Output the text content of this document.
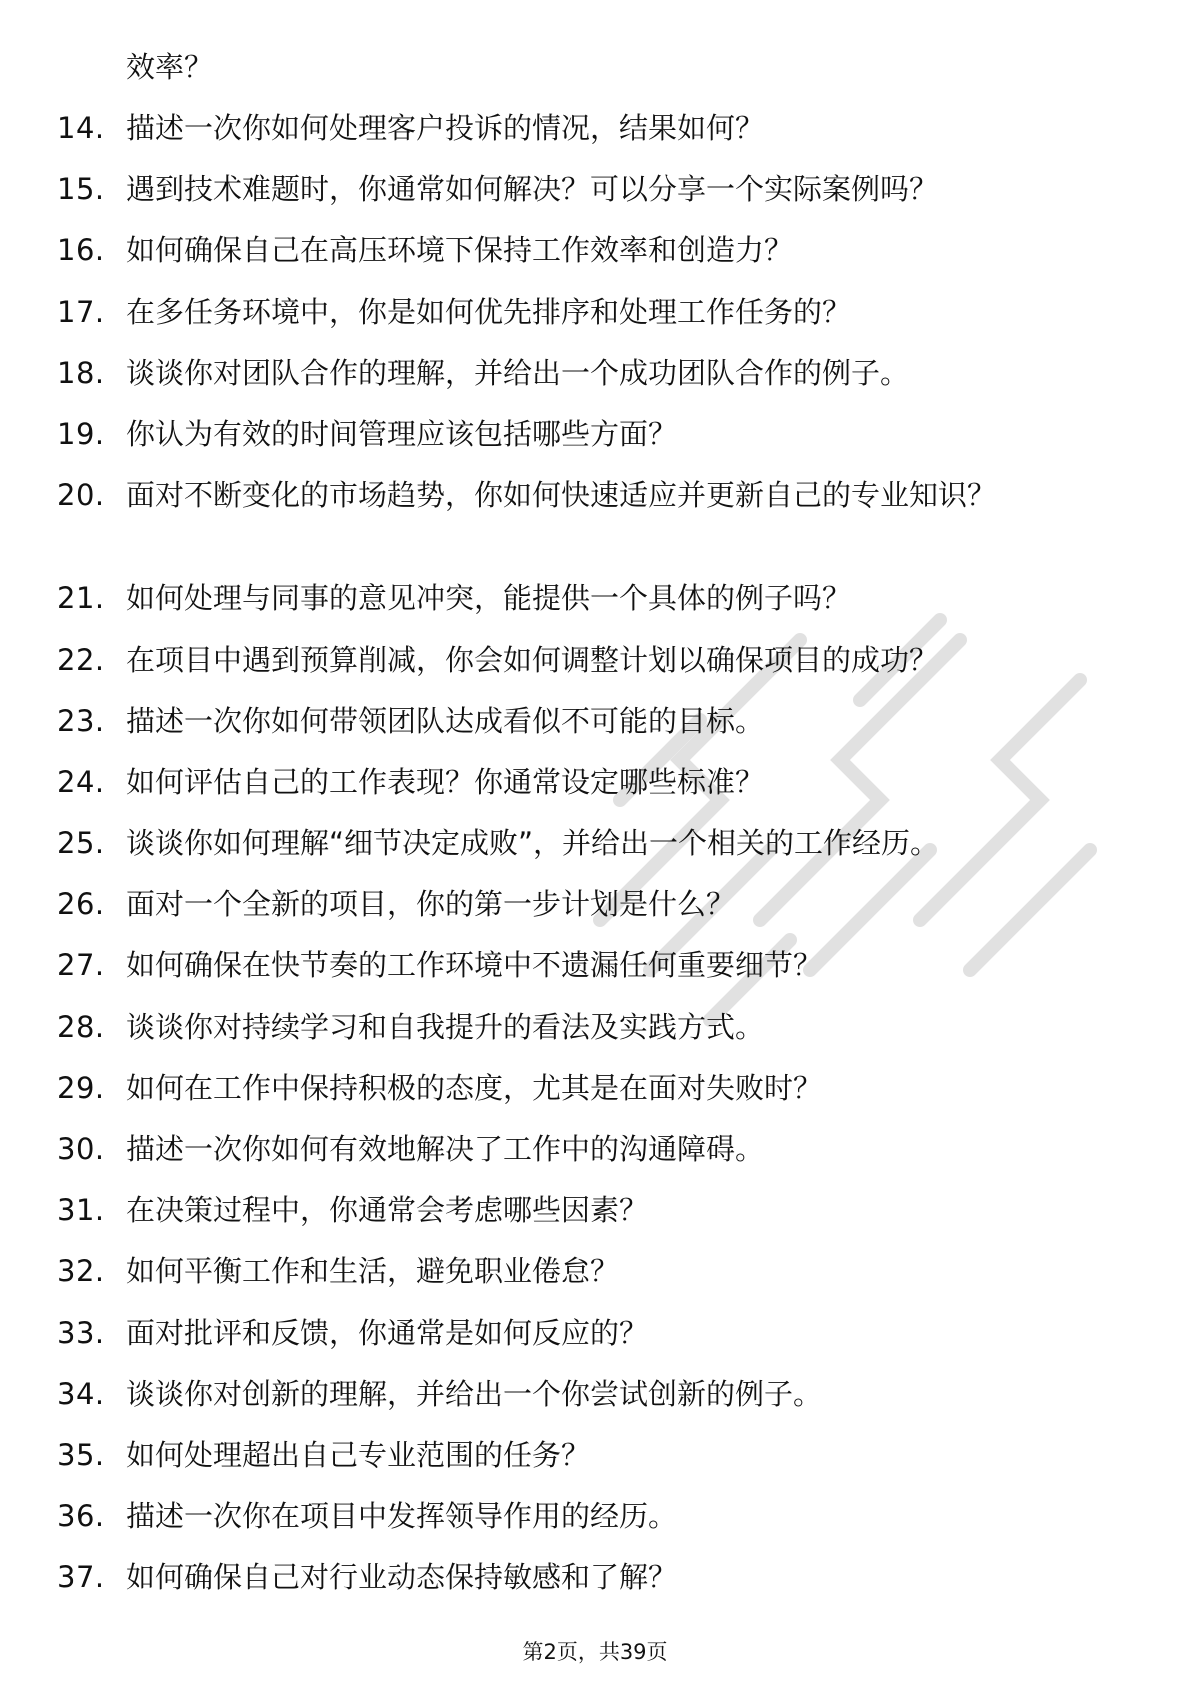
效率？
14. 描述一次你如何处理客户投诉的情况，结果如何？
15. 遇到技术难题时，你通常如何解决？可以分享一个实际案例吗？
16. 如何确保自己在高压环境下保持工作效率和创造力？
17. 在多任务环境中，你是如何优先排序和处理工作任务的？
18. 谈谈你对团队合作的理解，并给出一个成功团队合作的例子。
19. 你认为有效的时间管理应该包括哪些方面？
20. 面对不断变化的市场趋势，你如何快速适应并更新自己的专业知识？
21. 如何处理与同事的意见冲突，能提供一个具体的例子吗？
22. 在项目中遇到预算削减，你会如何调整计划以确保项目的成功？
23. 描述一次你如何带领团队达成看似不可能的目标。
24. 如何评估自己的工作表现？你通常设定哪些标准？
25. 谈谈你如何理解“细节决定成败”，并给出一个相关的工作经历。
26. 面对一个全新的项目，你的第一步计划是什么？
27. 如何确保在快节奏的工作环境中不遗漏任何重要细节？
28. 谈谈你对持续学习和自我提升的看法及实践方式。
29. 如何在工作中保持积极的态度，尤其是在面对失败时？
30. 描述一次你如何有效地解决了工作中的沟通障碍。
31. 在决策过程中，你通常会考虑哪些因素？
32. 如何平衡工作和生活，避免职业倦怠？
33. 面对批评和反馈，你通常是如何反应的？
34. 谈谈你对创新的理解，并给出一个你尝试创新的例子。
35. 如何处理超出自己专业范围的任务？
36. 描述一次你在项目中发挥领导作用的经历。
37. 如何确保自己对行业动态保持敏感和了解？
第2页，共39页
